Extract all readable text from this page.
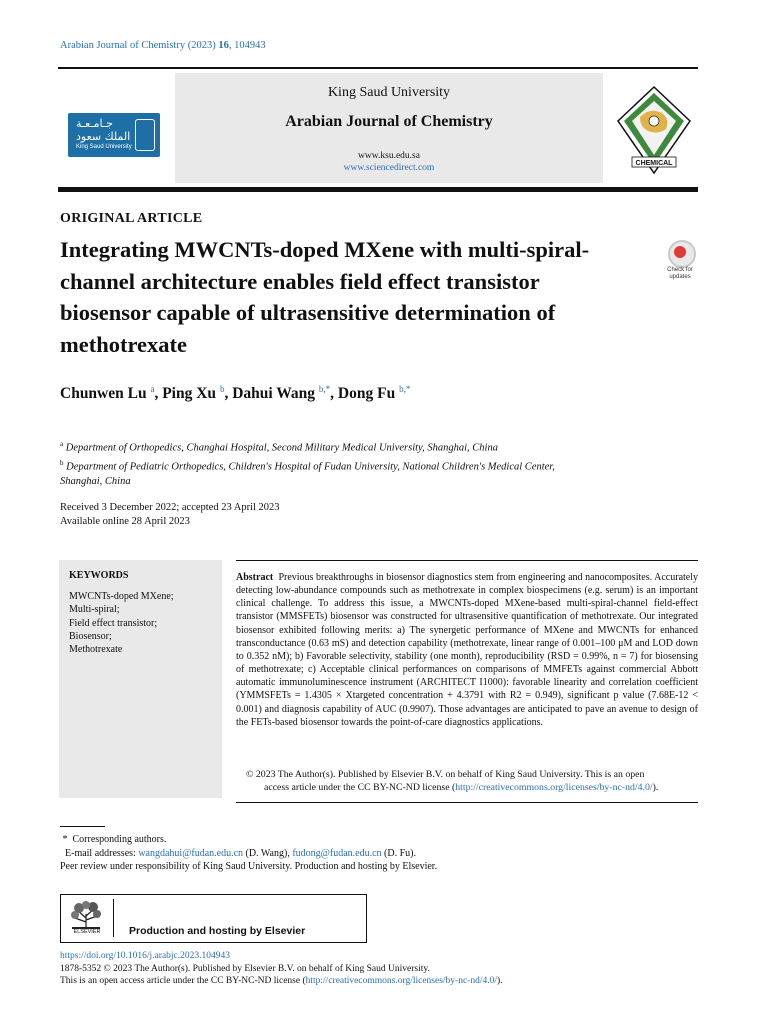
Arabian Journal of Chemistry (2023) 16, 104943
جـامـعـة
الملك سعود
King Saud University
King Saud University
Arabian Journal of Chemistry
www.ksu.edu.sa
www.sciencedirect.com	CHEMICAL
ORIGINAL ARTICLE
Integrating MWCNTs-doped MXene with multi-spiral-channel architecture enables field effect transistor biosensor capable of ultrasensitive determination of methotrexate
Check for
updates
Chunwen Lu $^a$, Ping Xu $^b$, Dahui Wang $^{b,*}$, Dong Fu $^{b,*}$
$^a$ Department of Orthopedics, Changhai Hospital, Second Military Medical University, Shanghai, China
$^b$ Department of Pediatric Orthopedics, Children's Hospital of Fudan University, National Children's Medical Center,
Shanghai, China
Received 3 December 2022; accepted 23 April 2023
Available online 28 April 2023
KEYWORDS
MWCNTs-doped MXene;
Multi-spiral;
Field effect transistor;
Biosensor;
Methotrexate
Abstract Previous breakthroughs in biosensor diagnostics stem from engineering and nanocomposites. Accurately detecting low-abundance compounds such as methotrexate in complex biospecimens (e.g. serum) is an important clinical challenge. To address this issue, a MWCNTs-doped MXene-based multi-spiral-channel field-effect transistor (MMSFETs) biosensor was constructed for ultrasensitive quantification of methotrexate. Our integrated biosensor exhibited following merits: a) The synergetic performance of MXene and MWCNTs for enhanced transconductance (0.63 mS) and detection capability (methotrexate, linear range of 0.001–100 μM and LOD down to 0.352 nM); b) Favorable selectivity, stability (one month), reproducibility (RSD = 0.99%, n = 7) for biosensing of methotrexate; c) Acceptable clinical performances on comparisons of MMFETs against commercial Abbott automatic immunoluminescence instrument (ARCHITECT I1000): favorable linearity and correlation coefficient (YMMSFETs = 1.4305 × Xtargeted concentration + 4.3791 with R2 = 0.949), significant p value (7.68E-12 < 0.001) and diagnosis capability of AUC (0.9907). Those advantages are anticipated to pave an avenue to design of the FETs-based biosensor towards the point-of-care diagnostics applications.
© 2023 The Author(s). Published by Elsevier B.V. on behalf of King Saud University. This is an open
access article under the CC BY-NC-ND license (http://creativecommons.org/licenses/by-nc-nd/4.0/).
* Corresponding authors.
E-mail addresses: wangdahui@fudan.edu.cn (D. Wang), fudong@fudan.edu.cn (D. Fu).
Peer review under responsibility of King Saud University. Production and hosting by Elsevier.
ELSEVIER	Production and hosting by Elsevier
https://doi.org/10.1016/j.arabjc.2023.104943
1878-5352 © 2023 The Author(s). Published by Elsevier B.V. on behalf of King Saud University.
This is an open access article under the CC BY-NC-ND license (http://creativecommons.org/licenses/by-nc-nd/4.0/).
